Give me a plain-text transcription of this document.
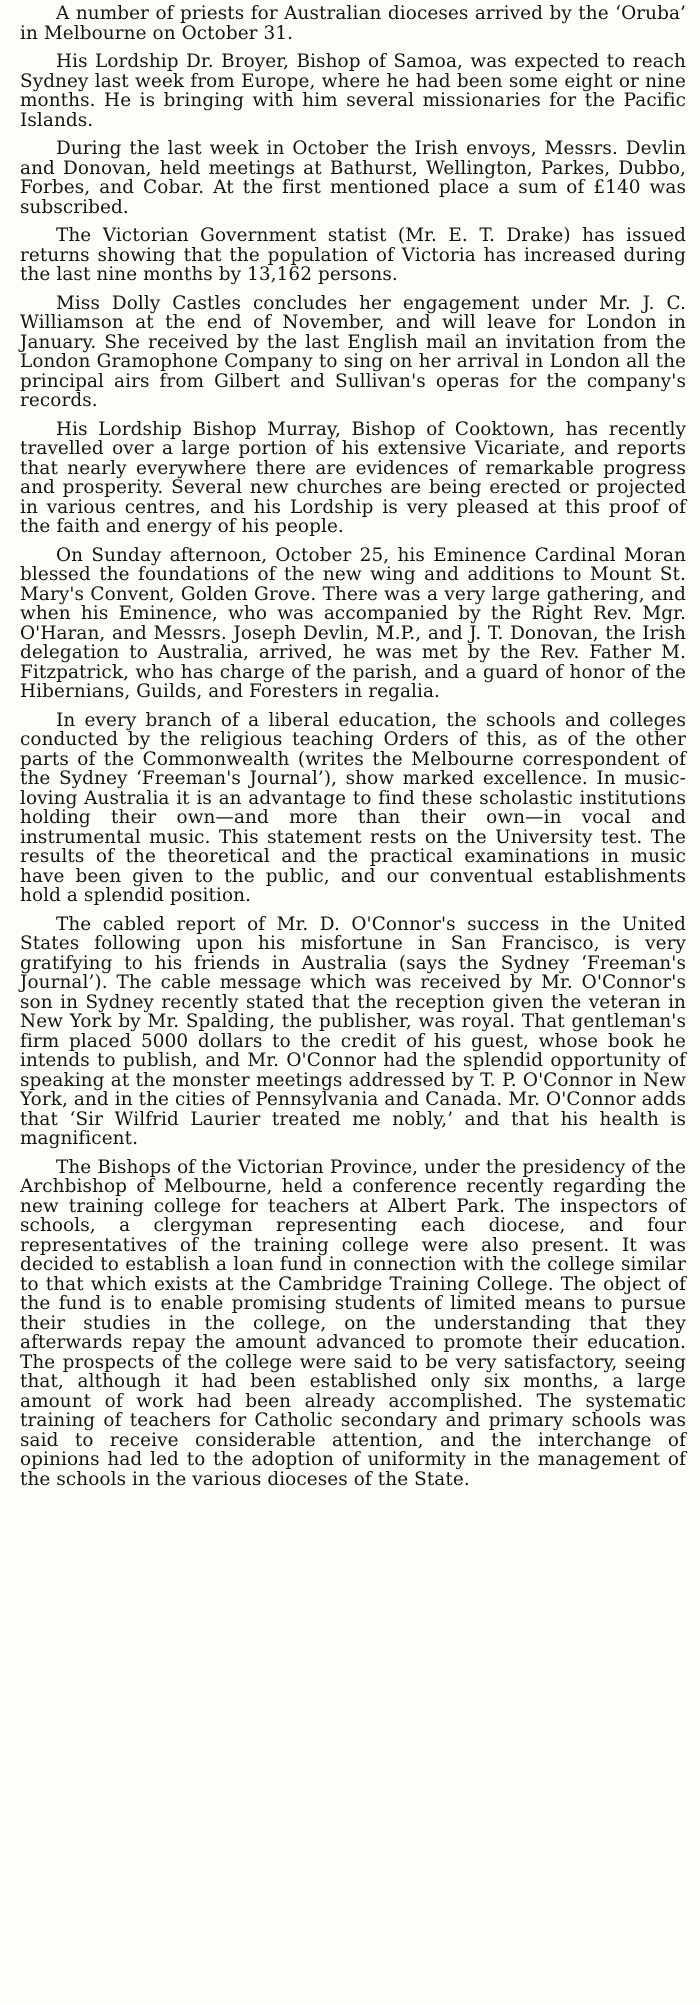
A number of priests for Australian dioceses arrived by the ‘Oruba’ in Melbourne on October 31.

His Lordship Dr. Broyer, Bishop of Samoa, was expected to reach Sydney last week from Europe, where he had been some eight or nine months. He is bringing with him several missionaries for the Pacific Islands.

During the last week in October the Irish envoys, Messrs. Devlin and Donovan, held meetings at Bathurst, Wellington, Parkes, Dubbo, Forbes, and Cobar. At the first mentioned place a sum of £140 was subscribed.

The Victorian Government statist (Mr. E. T. Drake) has issued returns showing that the population of Victoria has increased during the last nine months by 13,162 persons.

Miss Dolly Castles concludes her engagement under Mr. J. C. Williamson at the end of November, and will leave for London in January. She received by the last English mail an invitation from the London Gramophone Company to sing on her arrival in London all the principal airs from Gilbert and Sullivan's operas for the company's records.

His Lordship Bishop Murray, Bishop of Cooktown, has recently travelled over a large portion of his extensive Vicariate, and reports that nearly everywhere there are evidences of remarkable progress and prosperity. Several new churches are being erected or projected in various centres, and his Lordship is very pleased at this proof of the faith and energy of his people.

On Sunday afternoon, October 25, his Eminence Cardinal Moran blessed the foundations of the new wing and additions to Mount St. Mary's Convent, Golden Grove. There was a very large gathering, and when his Eminence, who was accompanied by the Right Rev. Mgr. O'Haran, and Messrs. Joseph Devlin, M.P., and J. T. Donovan, the Irish delegation to Australia, arrived, he was met by the Rev. Father M. Fitzpatrick, who has charge of the parish, and a guard of honor of the Hibernians, Guilds, and Foresters in regalia.

In every branch of a liberal education, the schools and colleges conducted by the religious teaching Orders of this, as of the other parts of the Commonwealth (writes the Melbourne correspondent of the Sydney ‘Freeman's Journal’), show marked excellence. In music-loving Australia it is an advantage to find these scholastic institutions holding their own—and more than their own—in vocal and instrumental music. This statement rests on the University test. The results of the theoretical and the practical examinations in music have been given to the public, and our conventual establishments hold a splendid position.

The cabled report of Mr. D. O'Connor's success in the United States following upon his misfortune in San Francisco, is very gratifying to his friends in Australia (says the Sydney ‘Freeman's Journal’). The cable message which was received by Mr. O'Connor's son in Sydney recently stated that the reception given the veteran in New York by Mr. Spalding, the publisher, was royal. That gentleman's firm placed 5000 dollars to the credit of his guest, whose book he intends to publish, and Mr. O'Connor had the splendid opportunity of speaking at the monster meetings addressed by T. P. O'Connor in New York, and in the cities of Pennsylvania and Canada. Mr. O'Connor adds that ‘Sir Wilfrid Laurier treated me nobly,’ and that his health is magnificent.

The Bishops of the Victorian Province, under the presidency of the Archbishop of Melbourne, held a conference recently regarding the new training college for teachers at Albert Park. The inspectors of schools, a clergyman representing each diocese, and four representatives of the training college were also present. It was decided to establish a loan fund in connection with the college similar to that which exists at the Cambridge Training College. The object of the fund is to enable promising students of limited means to pursue their studies in the college, on the understanding that they afterwards repay the amount advanced to promote their education. The prospects of the college were said to be very satisfactory, seeing that, although it had been established only six months, a large amount of work had been already accomplished. The systematic training of teachers for Catholic secondary and primary schools was said to receive considerable attention, and the interchange of opinions had led to the adoption of uniformity in the management of the schools in the various dioceses of the State.
